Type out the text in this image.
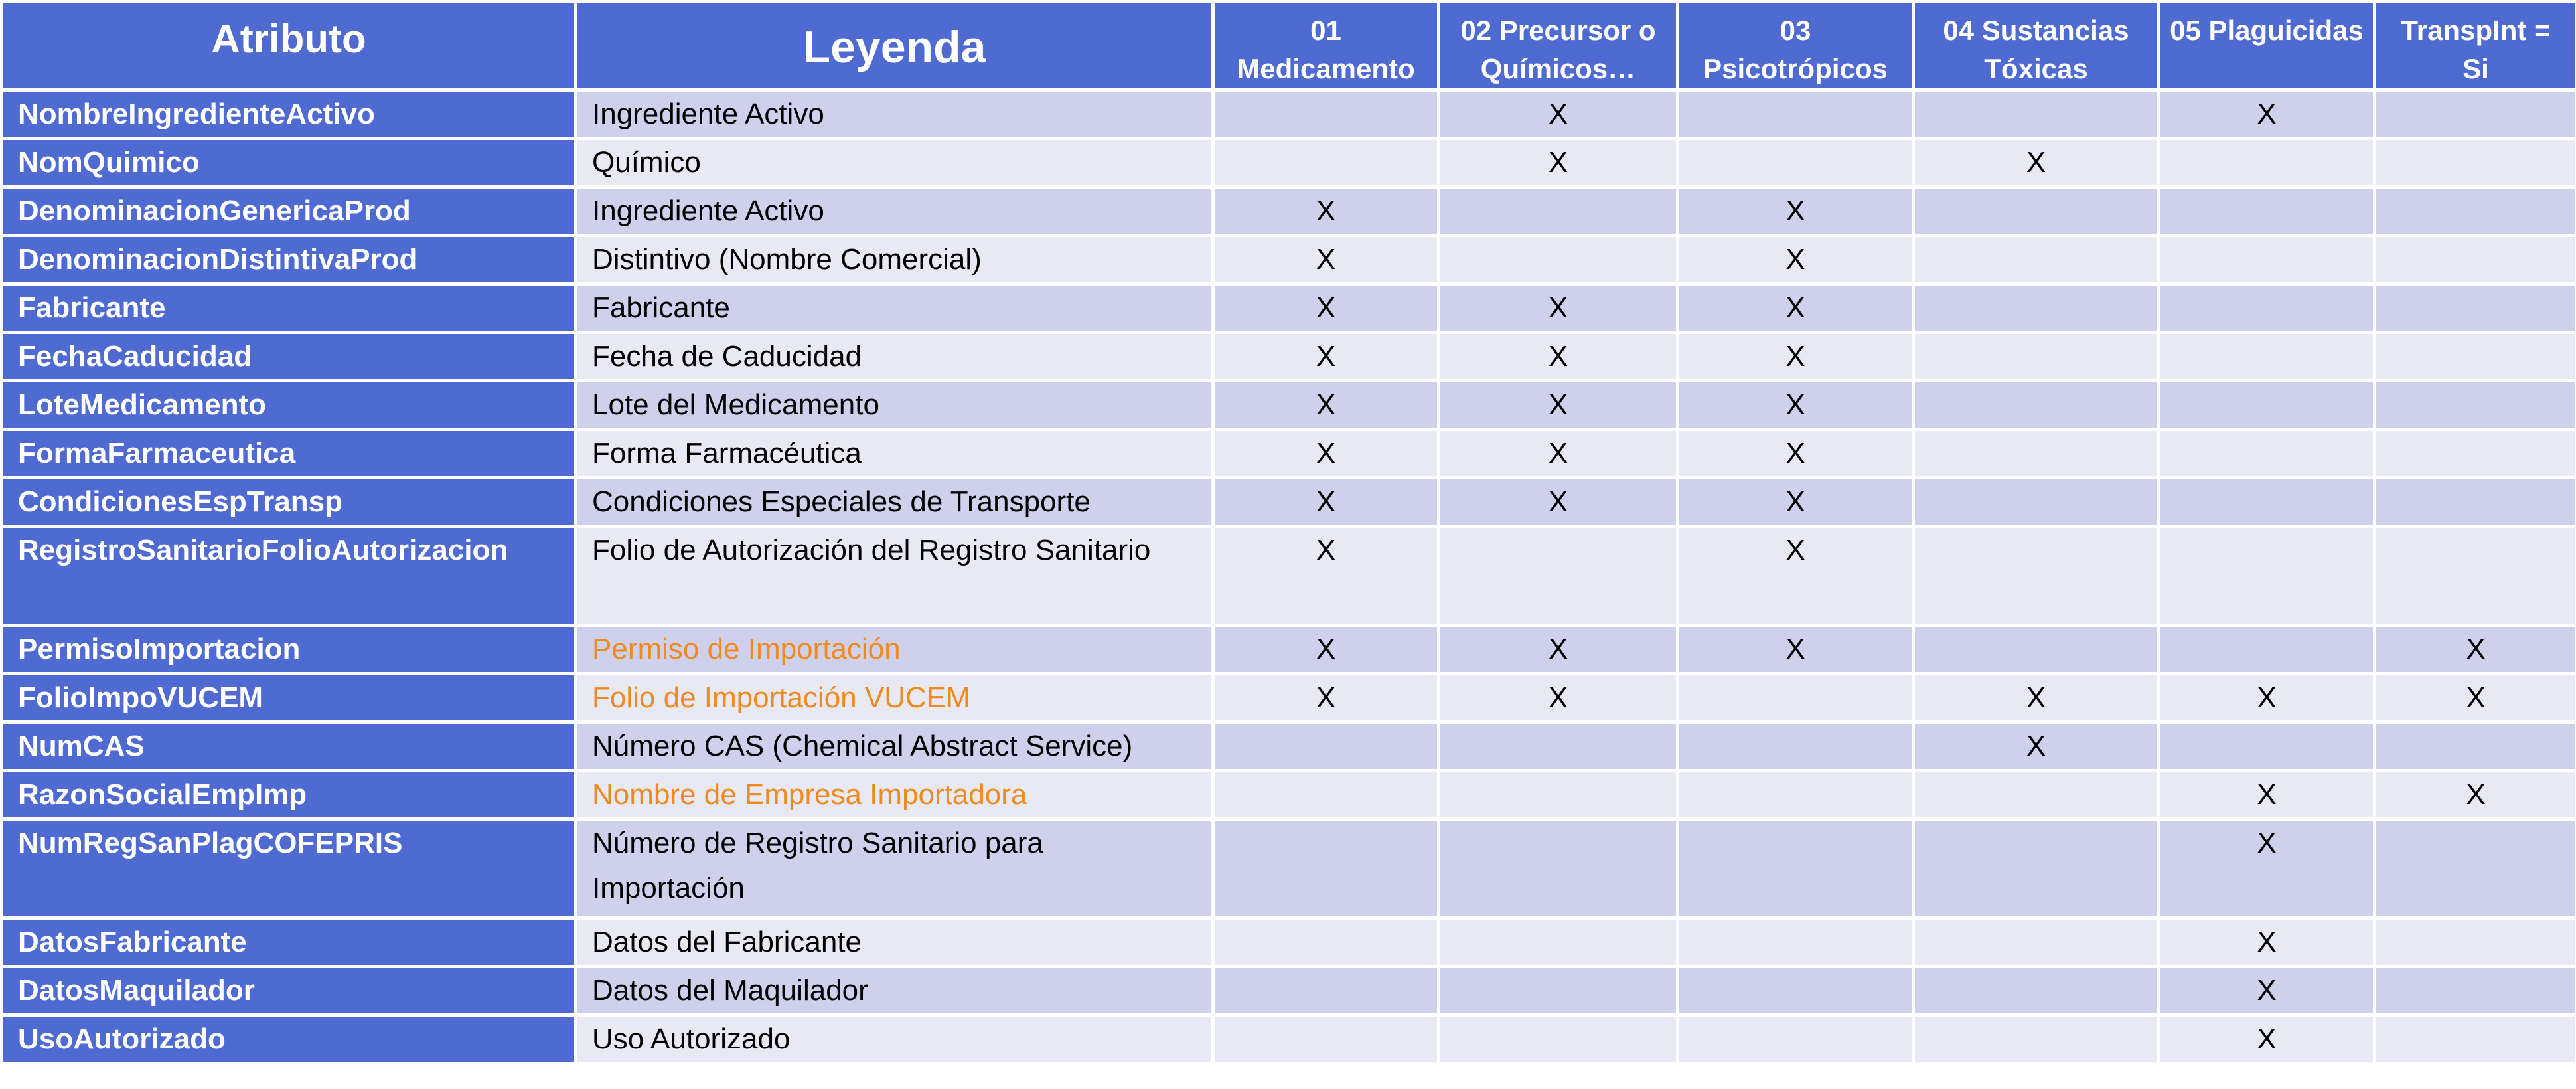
Atributo	Leyenda	01 Medicamento	02 Precursor o Químicos…	03 Psicotrópicos	04 Sustancias Tóxicas	05 Plaguicidas	TranspInt = Si
NombreIngredienteActivo	Ingrediente Activo		X			X	
NomQuimico	Químico		X		X		
DenominacionGenericaProd	Ingrediente Activo	X		X			
DenominacionDistintivaProd	Distintivo (Nombre Comercial)	X		X			
Fabricante	Fabricante	X	X	X			
FechaCaducidad	Fecha de Caducidad	X	X	X			
LoteMedicamento	Lote del Medicamento	X	X	X			
FormaFarmaceutica	Forma Farmacéutica	X	X	X			
CondicionesEspTransp	Condiciones Especiales de Transporte	X	X	X			
RegistroSanitarioFolioAutorizacion	Folio de Autorización del Registro Sanitario	X		X			
PermisoImportacion	Permiso de Importación	X	X	X			X
FolioImpoVUCEM	Folio de Importación VUCEM	X	X		X	X	X
NumCAS	Número CAS (Chemical Abstract Service)				X		
RazonSocialEmpImp	Nombre de Empresa Importadora					X	X
NumRegSanPlagCOFEPRIS	Número de Registro Sanitario para Importación					X	
DatosFabricante	Datos del Fabricante					X	
DatosMaquilador	Datos del Maquilador					X	
UsoAutorizado	Uso Autorizado					X	
